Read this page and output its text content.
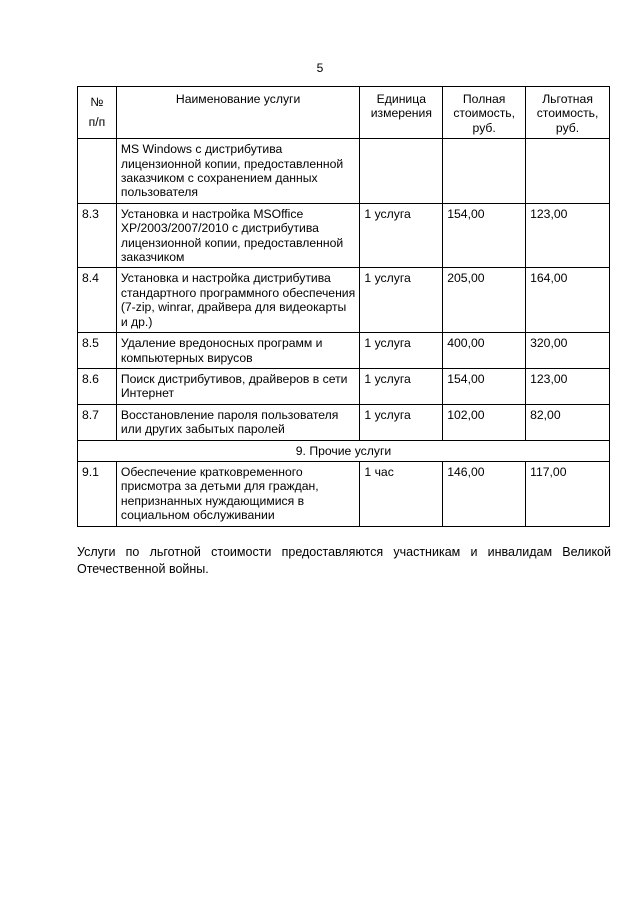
5
№
п/п	Наименование услуги	Единица измерения	Полная стоимость, руб.	Льготная стоимость, руб.
	MS Windows с дистрибутива лицензионной копии, предоставленной заказчиком с сохранением данных пользователя			
8.3	Установка и настройка MSOffice XP/2003/2007/2010 с дистрибутива лицензионной копии, предоставленной заказчиком	1 услуга	154,00	123,00
8.4	Установка и настройка дистрибутива стандартного программного обеспечения (7-zip, winrar, драйвера для видеокарты и др.)	1 услуга	205,00	164,00
8.5	Удаление вредоносных программ и компьютерных вирусов	1 услуга	400,00	320,00
8.6	Поиск дистрибутивов, драйверов в сети Интернет	1 услуга	154,00	123,00
8.7	Восстановление пароля пользователя или других забытых паролей	1 услуга	102,00	82,00
9. Прочие услуги				
9.1	Обеспечение кратковременного присмотра за детьми для граждан, непризнанных нуждающимися в социальном обслуживании	1 час	146,00	117,00
Услуги по льготной стоимости предоставляются участникам и инвалидам Великой Отечественной войны.
